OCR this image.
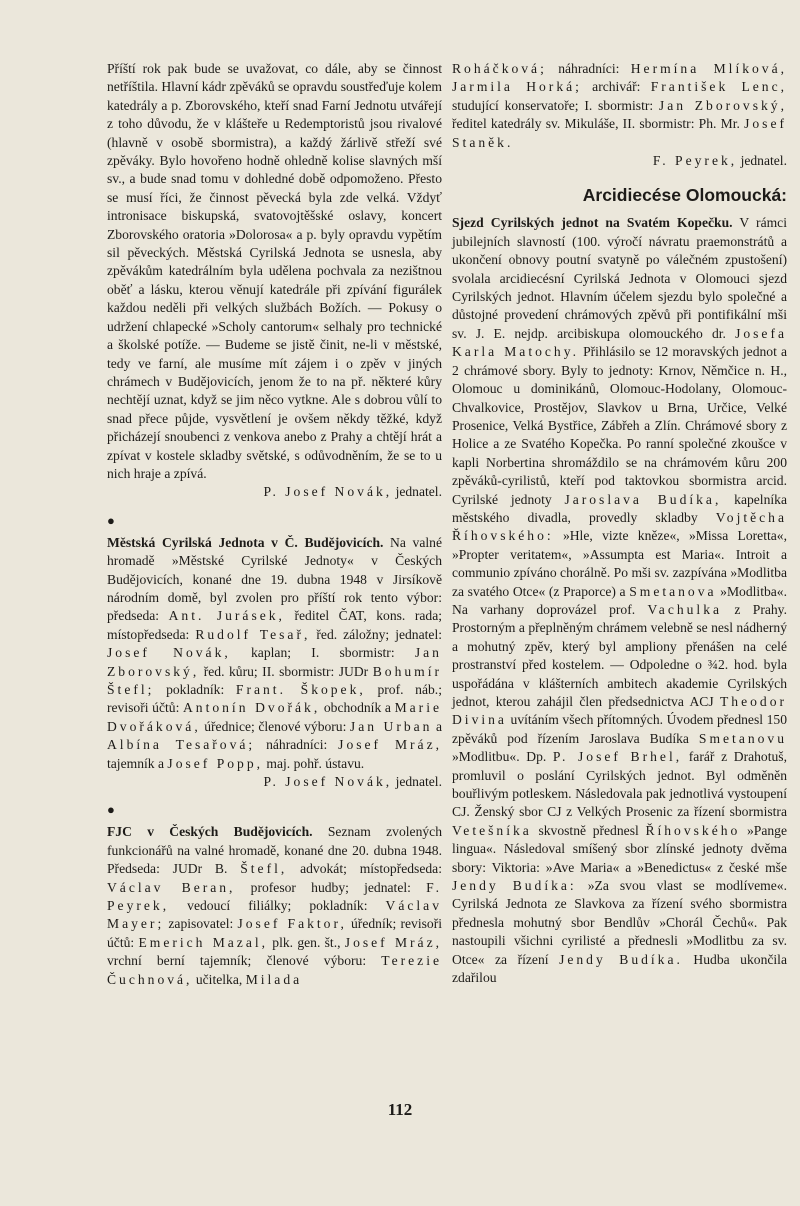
Příští rok pak bude se uvažovat, co dále, aby se činnost netříštila. Hlavní kádr zpěváků se opravdu soustřeďuje kolem katedrály a p. Zborovského, kteří snad Farní Jednotu utvářejí z toho důvodu, že v klášteře u Redemptoristů jsou rivalové (hlavně v osobě sbormistra), a každý žárlivě střeží své zpěváky. Bylo hovořeno hodně ohledně kolise slavných mší sv., a bude snad tomu v dohledné době odpomoženo. Přesto se musí říci, že činnost pěvecká byla zde velká. Vždyť intronisace biskupská, svatovojtěšské oslavy, koncert Zborovského oratoria »Dolorosa« a p. byly opravdu vypětím sil pěveckých. Městská Cyrilská Jednota se usnesla, aby zpěvákům katedrálním byla udělena pochvala za nezištnou oběť a lásku, kterou věnují katedrále při zpívání figurálek každou neděli při velkých službách Božích. — Pokusy o udržení chlapecké »Scholy cantorum« selhaly pro technické a školské potíže. — Budeme se jistě činit, ne-li v městské, tedy ve farní, ale musíme mít zájem i o zpěv v jiných chrámech v Budějovicích, jenom že to na př. některé kůry nechtějí uznat, když se jim něco vytkne. Ale s dobrou vůlí to snad přece půjde, vysvětlení je ovšem někdy těžké, když přicházejí snoubenci z venkova anebo z Prahy a chtějí hrát a zpívat v kostele skladby světské, s odůvodněním, že se to u nich hraje a zpívá.

P. Josef Novák, jednatel.

●

Městská Cyrilská Jednota v Č. Budějovicích. Na valné hromadě »Městské Cyrilské Jednoty« v Českých Budějovicích, konané dne 19. dubna 1948 v Jirsíkově národním domě, byl zvolen pro příští rok tento výbor: předseda: Ant. Jurásek, ředitel ČAT, kons. rada; místopředseda: Rudolf Tesař, řed. záložny; jednatel: Josef Novák, kaplan; I. sbormistr: Jan Zborovský, řed. kůru; II. sbormistr: JUDr Bohumír Štefl; pokladník: Frant. Škopek, prof. náb.; revisoři účtů: Antonín Dvořák, obchodník a Marie Dvořáková, úřednice; členové výboru: Jan Urban a Albína Tesařová; náhradníci: Josef Mráz, tajemník a Josef Popp, maj. pohř. ústavu.

P. Josef Novák, jednatel.

●

FJC v Českých Budějovicích. Seznam zvolených funkcionářů na valné hromadě, konané dne 20. dubna 1948. Předseda: JUDr B. Štefl, advokát; místopředseda: Václav Beran, profesor hudby; jednatel: F. Peyrek, vedoucí filiálky; pokladník: Václav Mayer; zapisovatel: Josef Faktor, úředník; revisoři účtů: Emerich Mazal, plk. gen. št., Josef Mráz, vrchní berní tajemník; členové výboru: Terezie Čuchnová, učitelka, Milada

Roháčková; náhradníci: Hermína Mlíková, Jarmila Horká; archivář: František Lenc, studující konservatoře; I. sbormistr: Jan Zborovský, ředitel katedrály sv. Mikuláše, II. sbormistr: Ph. Mr. Josef Staněk.

F. Peyrek, jednatel.

Arcidiecése Olomoucká:

Sjezd Cyrilských jednot na Svatém Kopečku. V rámci jubilejních slavností (100. výročí návratu praemonstrátů a ukončení obnovy poutní svatyně po válečném zpustošení) svolala arcidiecésní Cyrilská Jednota v Olomouci sjezd Cyrilských jednot. Hlavním účelem sjezdu bylo společné a důstojné provedení chrámových zpěvů při pontifikální mši sv. J. E. nejdp. arcibiskupa olomouckého dr. Josefa Karla Matochy. Přihlásilo se 12 moravských jednot a 2 chrámové sbory. Byly to jednoty: Krnov, Němčice n. H., Olomouc u dominikánů, Olomouc-Hodolany, Olomouc-Chvalkovice, Prostějov, Slavkov u Brna, Určice, Velké Prosenice, Velká Bystřice, Zábřeh a Zlín. Chrámové sbory z Holice a ze Svatého Kopečka. Po ranní společné zkoušce v kapli Norbertina shromáždilo se na chrámovém kůru 200 zpěváků-cyrilistů, kteří pod taktovkou sbormistra arcid. Cyrilské jednoty Jaroslava Budíka, kapelníka městského divadla, provedly skladby Vojtěcha Říhovského: »Hle, vizte kněze«, »Missa Loretta«, »Propter veritatem«, »Assumpta est Maria«. Introit a communio zpíváno chorálně. Po mši sv. zazpívána »Modlitba za svatého Otce« (z Praporce) a Smetanova »Modlitba«. Na varhany doprovázel prof. Vachulka z Prahy. Prostorným a přeplněným chrámem velebně se nesl nádherný a mohutný zpěv, který byl ampliony přenášen na celé prostranství před kostelem. — Odpoledne o ¾2. hod. byla uspořádána v klášterních ambitech akademie Cyrilských jednot, kterou zahájil člen předsednictva ACJ Theodor Divina uvítáním všech přítomných. Úvodem přednesl 150 zpěváků pod řízením Jaroslava Budíka Smetanovu »Modlitbu«. Dp. P. Josef Brhel, farář z Drahotuš, promluvil o poslání Cyrilských jednot. Byl odměněn bouřlivým potleskem. Následovala pak jednotlivá vystoupení CJ. Ženský sbor CJ z Velkých Prosenic za řízení sbormistra Vetešníka skvostně přednesl Říhovského »Pange lingua«. Následoval smíšený sbor zlínské jednoty dvěma sbory: Viktoria: »Ave Maria« a »Benedictus« z české mše Jendy Budíka: »Za svou vlast se modlíveme«. Cyrilská Jednota ze Slavkova za řízení svého sbormistra přednesla mohutný sbor Bendlův »Chorál Čechů«. Pak nastoupili všichni cyrilisté a přednesli »Modlitbu za sv. Otce« za řízení Jendy Budíka. Hudba ukončila zdařilou

112
